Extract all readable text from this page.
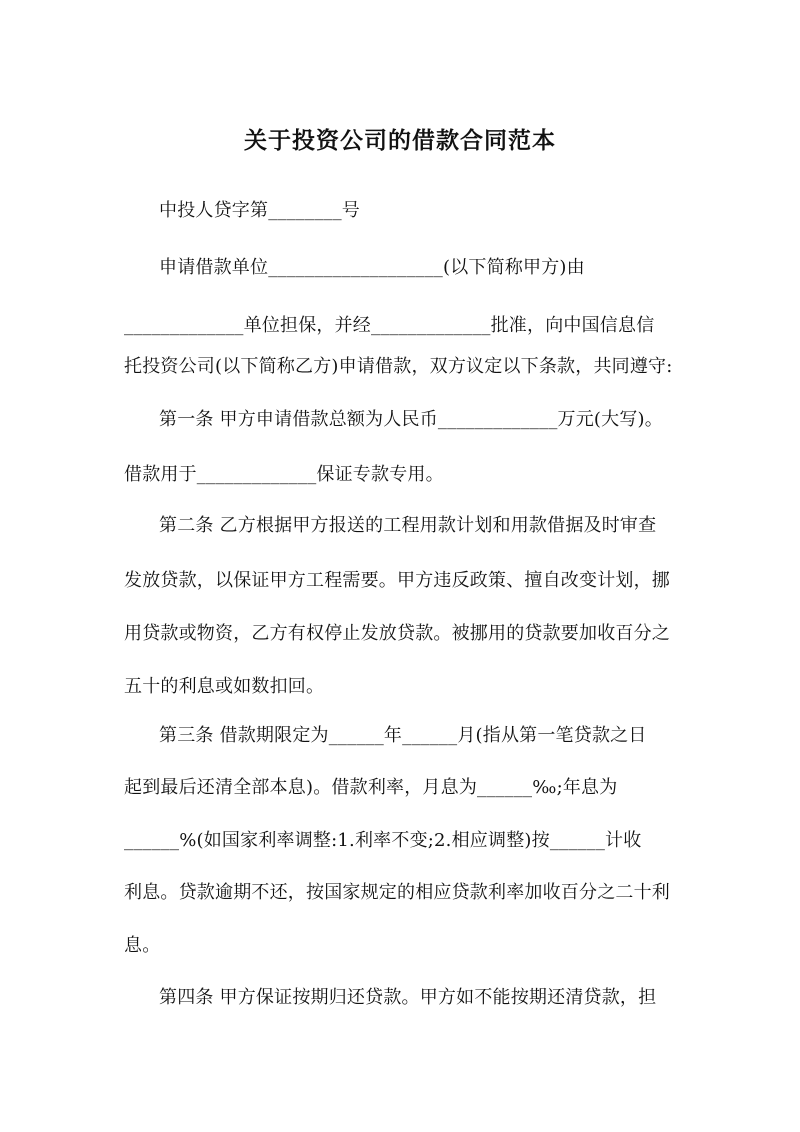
关于投资公司的借款合同范本
中投人贷字第________号
申请借款单位___________________(以下简称甲方)由
_____________单位担保，并经_____________批准，向中国信息信
托投资公司(以下简称乙方)申请借款，双方议定以下条款，共同遵守:
第一条 甲方申请借款总额为人民币_____________万元(大写)。
借款用于_____________保证专款专用。
第二条 乙方根据甲方报送的工程用款计划和用款借据及时审查
发放贷款，以保证甲方工程需要。甲方违反政策、擅自改变计划，挪
用贷款或物资，乙方有权停止发放贷款。被挪用的贷款要加收百分之
五十的利息或如数扣回。
第三条 借款期限定为______年______月(指从第一笔贷款之日
起到最后还清全部本息)。借款利率，月息为______‰;年息为
______%(如国家利率调整:1.利率不变;2.相应调整)按______计收
利息。贷款逾期不还，按国家规定的相应贷款利率加收百分之二十利
息。
第四条 甲方保证按期归还贷款。甲方如不能按期还清贷款，担
